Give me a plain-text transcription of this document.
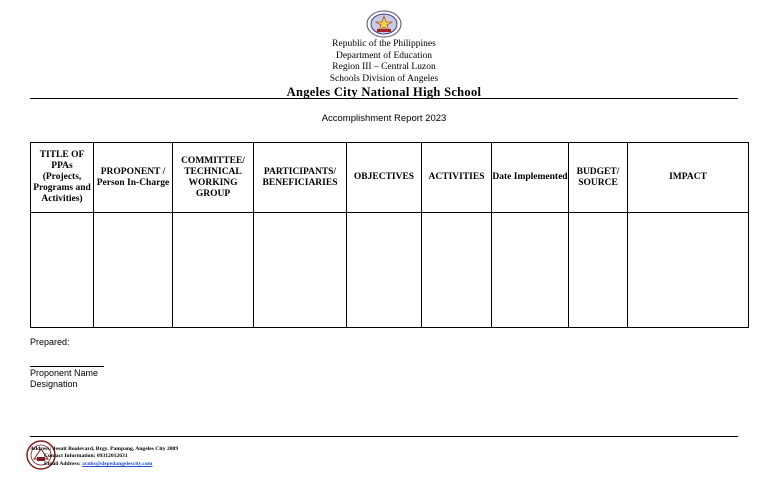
Republic of the Philippines
Department of Education
Region III – Central Luzon
Schools Division of Angeles
Angeles City National High School
Accomplishment Report 2023
TITLE OF PPAs (Projects, Programs and Activities)	PROPONENT / Person In-Charge	COMMITTEE/ TECHNICAL WORKING GROUP	PARTICIPANTS/ BENEFICIARIES	OBJECTIVES	ACTIVITIES	Date Implemented	BUDGET/ SOURCE	IMPACT

Prepared:
Proponent Name
Designation
Address: Jesuit Boulevard, Brgy. Pampang, Angeles City 2009
Contact Information: 09312012631
Email Address: acnhs@depedangelescity.com
